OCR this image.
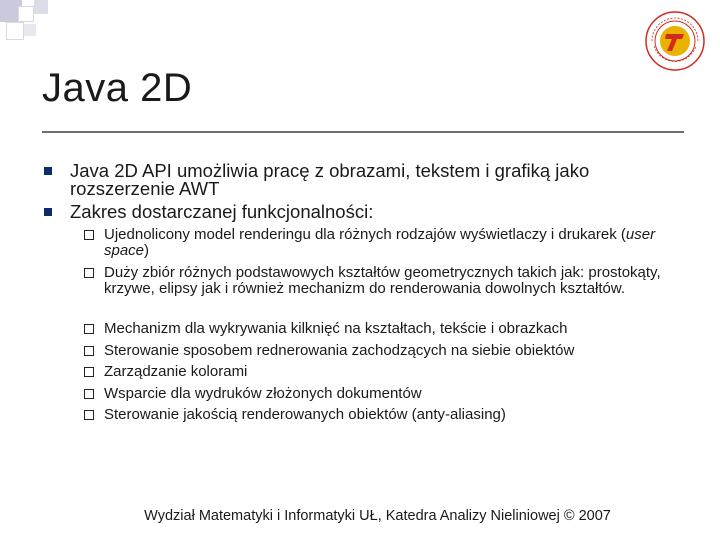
Java 2D
Java 2D API umożliwia pracę z obrazami, tekstem i grafiką jako rozszerzenie AWT
Zakres dostarczanej funkcjonalności:
Ujednolicony model renderingu dla różnych rodzajów wyświetlaczy i drukarek (user space)
Duży zbiór różnych podstawowych kształtów geometrycznych takich jak: prostokąty, krzywe, elipsy jak i również mechanizm do renderowania dowolnych kształtów.
Mechanizm dla wykrywania kilknięć na kształtach, tekście i obrazkach
Sterowanie sposobem rednerowania zachodzących na siebie obiektów
Zarządzanie kolorami
Wsparcie dla wydruków złożonych dokumentów
Sterowanie jakością renderowanych obiektów (anty-aliasing)
Wydział Matematyki i Informatyki UŁ, Katedra Analizy Nieliniowej © 2007
